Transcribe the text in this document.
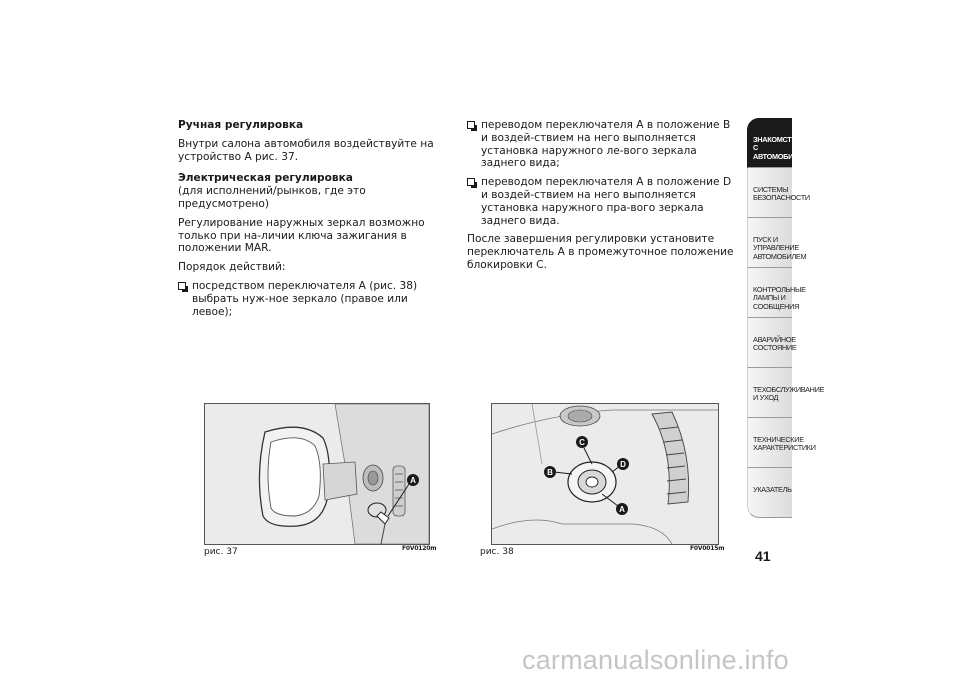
Ручная регулировка

Внутри салона автомобиля воздействуйте на устройство А рис. 37.

Электрическая регулировка

(для исполнений/рынков, где это предусмотрено)

Регулирование наружных зеркал возможно только при на-личии ключа зажигания в положении MAR.

Порядок действий:

посредством переключателя А (рис. 38) выбрать нуж-ное зеркало (правое или левое);
переводом переключателя А в положение В и воздей-ствием на него выполняется установка наружного ле-вого зеркала заднего вида;
переводом переключателя А в положение D и воздей-ствием на него выполняется установка наружного пра-вого зеркала заднего вида.

После завершения регулировки установите переключатель А в промежуточное положение блокировки С.

A
рис. 37	F0V0120m
C
D
B
A
рис. 38	F0V0015m
ЗНАКОМСТВО С АВТОМОБИЛЕМ
СИСТЕМЫ БЕЗОПАСНОСТИ
ПУСК И УПРАВЛЕНИЕ АВТОМОБИЛЕМ
КОНТРОЛЬНЫЕ ЛАМПЫ И СООБЩЕНИЯ
АВАРИЙНОЕ СОСТОЯНИЕ
ТЕХОБСЛУЖИВАНИЕ И УХОД
ТЕХНИЧЕСКИЕ ХАРАКТЕРИСТИКИ
УКАЗАТЕЛЬ
41
carmanualsonline.info
